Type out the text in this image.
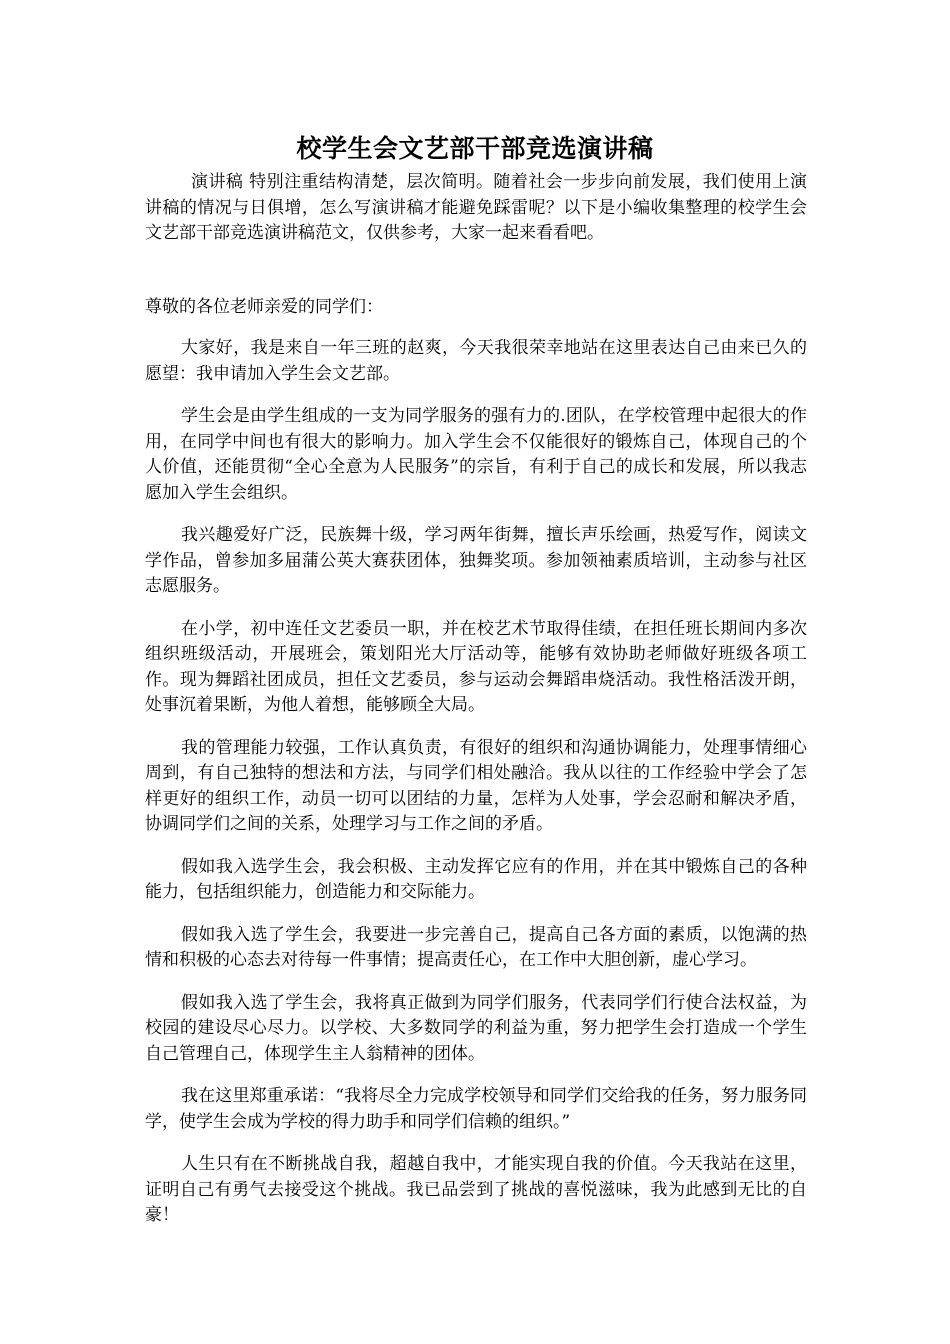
校学生会文艺部干部竞选演讲稿

演讲稿 特别注重结构清楚，层次简明。随着社会一步步向前发展，我们使用上演讲稿的情况与日俱增，怎么写演讲稿才能避免踩雷呢？以下是小编收集整理的校学生会文艺部干部竞选演讲稿范文，仅供参考，大家一起来看看吧。

尊敬的各位老师亲爱的同学们：

大家好，我是来自一年三班的赵爽，今天我很荣幸地站在这里表达自己由来已久的愿望：我申请加入学生会文艺部。

学生会是由学生组成的一支为同学服务的强有力的.团队，在学校管理中起很大的作用，在同学中间也有很大的影响力。加入学生会不仅能很好的锻炼自己，体现自己的个人价值，还能贯彻“全心全意为人民服务”的宗旨，有利于自己的成长和发展，所以我志愿加入学生会组织。

我兴趣爱好广泛，民族舞十级，学习两年街舞，擅长声乐绘画，热爱写作，阅读文学作品，曾参加多届蒲公英大赛获团体，独舞奖项。参加领袖素质培训，主动参与社区志愿服务。

在小学，初中连任文艺委员一职，并在校艺术节取得佳绩，在担任班长期间内多次组织班级活动，开展班会，策划阳光大厅活动等，能够有效协助老师做好班级各项工作。现为舞蹈社团成员，担任文艺委员，参与运动会舞蹈串烧活动。我性格活泼开朗，处事沉着果断，为他人着想，能够顾全大局。

我的管理能力较强，工作认真负责，有很好的组织和沟通协调能力，处理事情细心周到，有自己独特的想法和方法，与同学们相处融洽。我从以往的工作经验中学会了怎样更好的组织工作，动员一切可以团结的力量，怎样为人处事，学会忍耐和解决矛盾，协调同学们之间的关系，处理学习与工作之间的矛盾。

假如我入选学生会，我会积极、主动发挥它应有的作用，并在其中锻炼自己的各种能力，包括组织能力，创造能力和交际能力。

假如我入选了学生会，我要进一步完善自己，提高自己各方面的素质，以饱满的热情和积极的心态去对待每一件事情；提高责任心，在工作中大胆创新，虚心学习。

假如我入选了学生会，我将真正做到为同学们服务，代表同学们行使合法权益，为校园的建设尽心尽力。以学校、大多数同学的利益为重，努力把学生会打造成一个学生自己管理自己，体现学生主人翁精神的团体。

我在这里郑重承诺：“我将尽全力完成学校领导和同学们交给我的任务，努力服务同学，使学生会成为学校的得力助手和同学们信赖的组织。”

人生只有在不断挑战自我，超越自我中，才能实现自我的价值。今天我站在这里，证明自己有勇气去接受这个挑战。我已品尝到了挑战的喜悦滋味，我为此感到无比的自豪！
